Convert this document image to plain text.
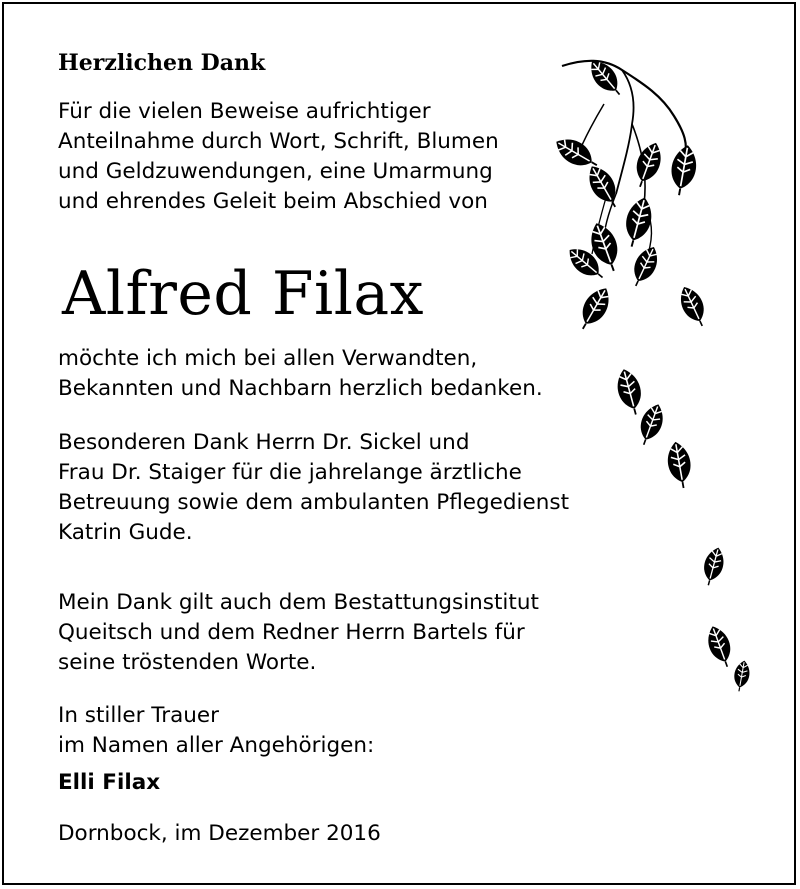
Herzlichen Dank
Für die vielen Beweise aufrichtiger
Anteilnahme durch Wort, Schrift, Blumen
und Geldzuwendungen, eine Umarmung
und ehrendes Geleit beim Abschied von
Alfred Filax
möchte ich mich bei allen Verwandten,
Bekannten und Nachbarn herzlich bedanken.
Besonderen Dank Herrn Dr. Sickel und
Frau Dr. Staiger für die jahrelange ärztliche
Betreuung sowie dem ambulanten Pflegedienst
Katrin Gude.
Mein Dank gilt auch dem Bestattungsinstitut
Queitsch und dem Redner Herrn Bartels für
seine tröstenden Worte.
In stiller Trauer
im Namen aller Angehörigen:
Elli Filax
Dornbock, im Dezember 2016
